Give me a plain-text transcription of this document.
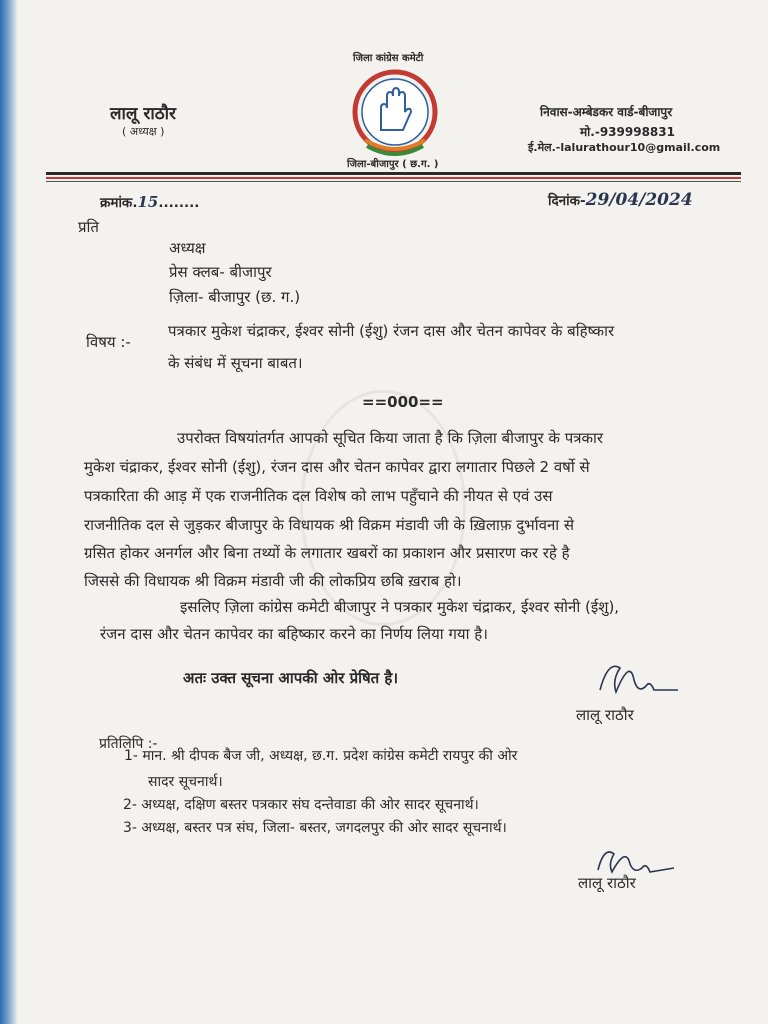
लालू राठौर
( अध्यक्ष )
जिला कांग्रेस कमेटी
जिला-बीजापुर ( छ.ग. )
निवास-अम्बेडकर वार्ड-बीजापुर
मो.-939998831
ई.मेल.-lalurathour10@gmail.com
क्रमांक.15........	दिनांक-29/04/2024
प्रति
अध्यक्ष
प्रेस क्लब- बीजापुर
ज़िला- बीजापुर (छ. ग.)
विषय :-
पत्रकार मुकेश चंद्राकर, ईश्वर सोनी (ईशु) रंजन दास और चेतन कापेवर के बहिष्कार
के संबंध में सूचना बाबत।
==000==
उपरोक्त विषयांतर्गत आपको सूचित किया जाता है कि ज़िला बीजापुर के पत्रकार
मुकेश चंद्राकर, ईश्वर सोनी (ईशु), रंजन दास और चेतन कापेवर द्वारा लगातार पिछले 2 वर्षो से
पत्रकारिता की आड़ में एक राजनीतिक दल विशेष को लाभ पहुँचाने की नीयत से एवं उस
राजनीतिक दल से जुड़कर बीजापुर के विधायक श्री विक्रम मंडावी जी के ख़िलाफ़ दुर्भावना से
ग्रसित होकर अनर्गल और बिना तथ्यों के लगातार खबरों का प्रकाशन और प्रसारण कर रहे है
जिससे की विधायक श्री विक्रम मंडावी जी की लोकप्रिय छबि ख़राब हो।
इसलिए ज़िला कांग्रेस कमेटी बीजापुर ने पत्रकार मुकेश चंद्राकर, ईश्वर सोनी (ईशु),
रंजन दास और चेतन कापेवर का बहिष्कार करने का निर्णय लिया गया है।
अतः उक्त सूचना आपकी ओर प्रेषित है।
लालू राठौर
प्रतिलिपि :-
1- मान. श्री दीपक बैज जी, अध्यक्ष, छ.ग. प्रदेश कांग्रेस कमेटी रायपुर की ओर
सादर सूचनार्थ।
2- अध्यक्ष, दक्षिण बस्तर पत्रकार संघ दन्तेवाडा की ओर सादर सूचनार्थ।
3- अध्यक्ष, बस्तर पत्र संघ, जिला- बस्तर, जगदलपुर की ओर सादर सूचनार्थ।
लालू राठौर
